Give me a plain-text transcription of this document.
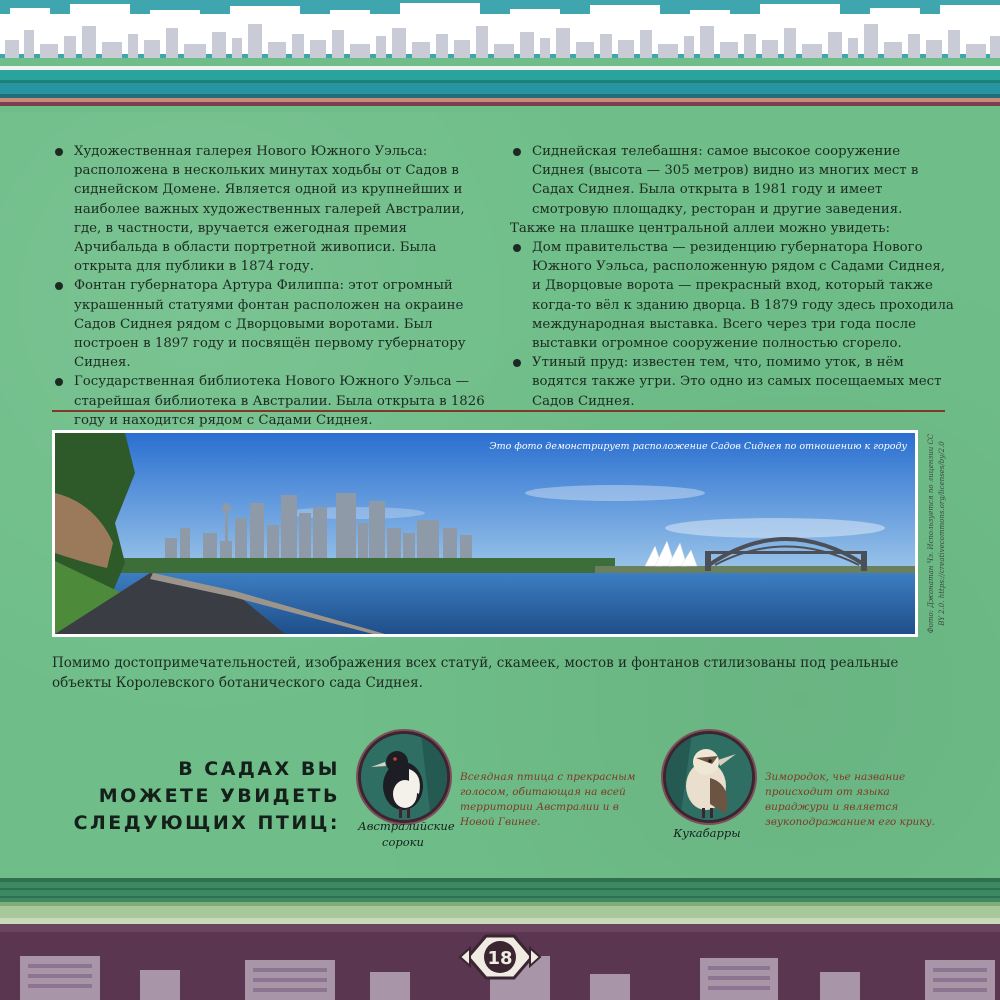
Художественная галерея Нового Южного Уэльса: расположена в нескольких минутах ходьбы от Садов в сиднейском Домене. Является одной из крупнейших и наиболее важных художественных галерей Австралии, где, в частности, вручается ежегодная премия Арчибальда в области портретной живописи. Была открыта для публики в 1874 году.
Фонтан губернатора Артура Филиппа: этот огромный украшенный статуями фонтан расположен на окраине Садов Сиднея рядом с Дворцовыми воротами. Был построен в 1897 году и посвящён первому губернатору Сиднея.
Государственная библиотека Нового Южного Уэльса — старейшая библиотека в Австралии. Была открыта в 1826 году и находится рядом с Садами Сиднея.
Сиднейская телебашня: самое высокое сооружение Сиднея (высота — 305 метров) видно из многих мест в Садах Сиднея. Была открыта в 1981 году и имеет смотровую площадку, ресторан и другие заведения.

Также на плашке центральной аллеи можно увидеть:

Дом правительства — резиденцию губернатора Нового Южного Уэльса, расположенную рядом с Садами Сиднея, и Дворцовые ворота — прекрасный вход, который также когда-то вёл к зданию дворца. В 1879 году здесь проходила международная выставка. Всего через три года после выставки огромное сооружение полностью сгорело.
Утиный пруд: известен тем, что, помимо уток, в нём водятся также угри. Это одно из самых посещаемых мест Садов Сиднея.
Это фото демонстрирует расположение Садов Сиднея по отношению к городу	Фото: Джонатан Чэ. Используется по лицензии CC BY 2.0. https://creativecommons.org/licenses/by/2.0

Помимо достопримечательностей, изображения всех статуй, скамеек, мостов и фонтанов стилизованы под реальные объекты Королевского ботанического сада Сиднея.

В САДАХ ВЫ МОЖЕТЕ УВИДЕТЬ
СЛЕДУЮЩИХ ПТИЦ: Австралийские сороки
Всеядная птица с прекрасным голосом, обитающая на всей территории Австралии и в Новой Гвинее.
Кукабарры
Зимородок, чье название происходит от языка вираджури и является звукоподражанием его крику.
18
